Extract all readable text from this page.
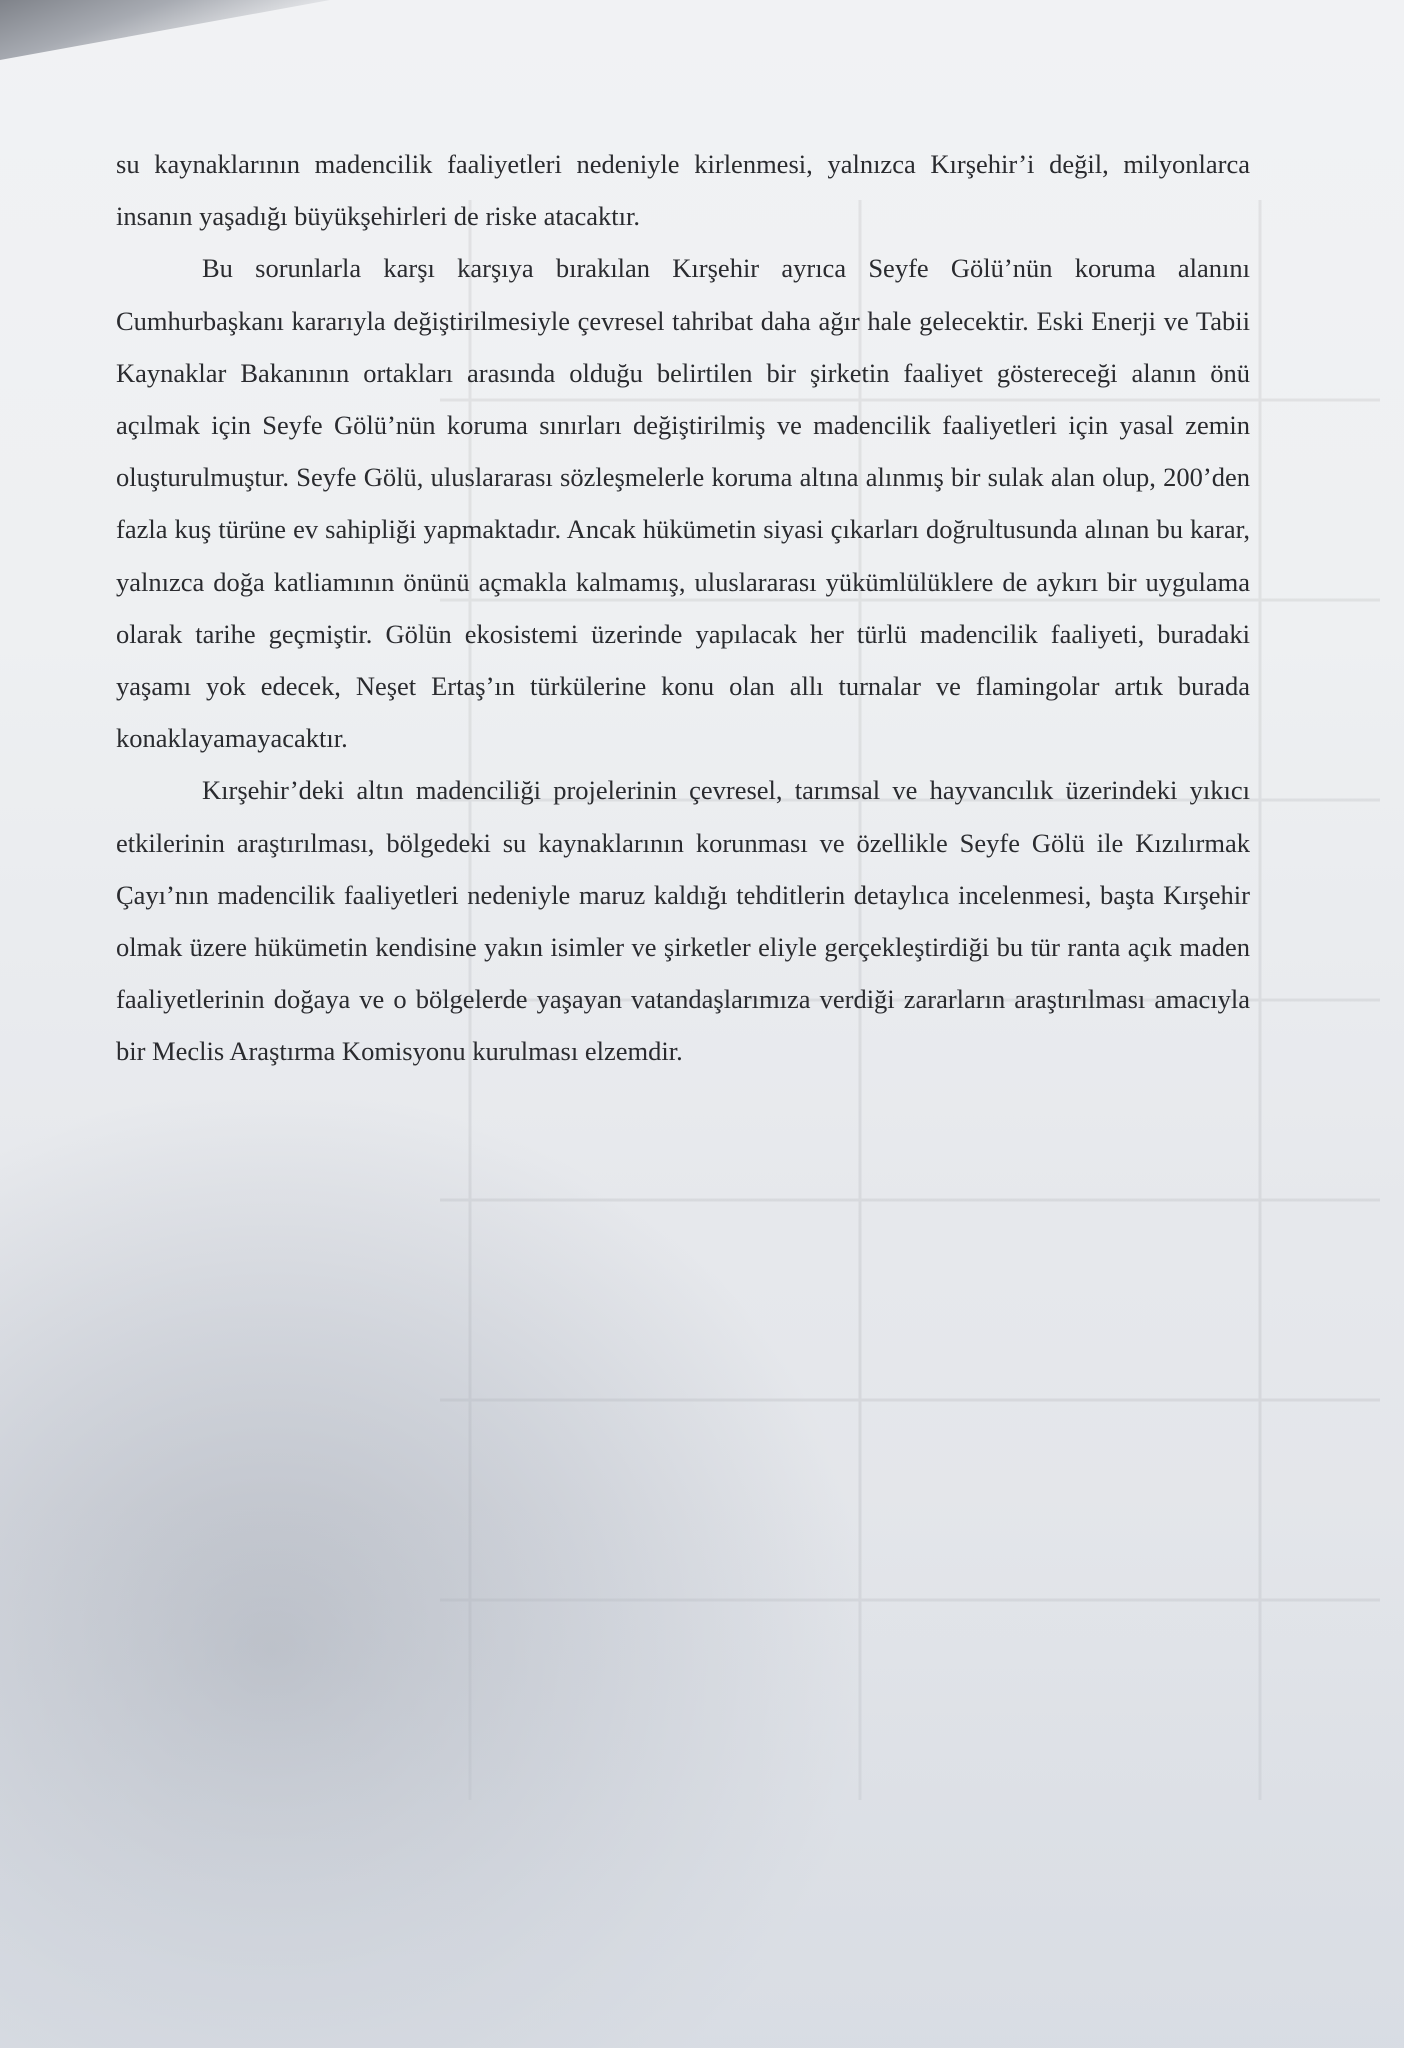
su kaynaklarının madencilik faaliyetleri nedeniyle kirlenmesi, yalnızca Kırşehir’i değil, milyonlarca insanın yaşadığı büyükşehirleri de riske atacaktır.

Bu sorunlarla karşı karşıya bırakılan Kırşehir ayrıca Seyfe Gölü’nün koruma alanını Cumhurbaşkanı kararıyla değiştirilmesiyle çevresel tahribat daha ağır hale gelecektir. Eski Enerji ve Tabii Kaynaklar Bakanının ortakları arasında olduğu belirtilen bir şirketin faaliyet göstereceği alanın önü açılmak için Seyfe Gölü’nün koruma sınırları değiştirilmiş ve madencilik faaliyetleri için yasal zemin oluşturulmuştur. Seyfe Gölü, uluslararası sözleşmelerle koruma altına alınmış bir sulak alan olup, 200’den fazla kuş türüne ev sahipliği yapmaktadır. Ancak hükümetin siyasi çıkarları doğrultusunda alınan bu karar, yalnızca doğa katliamının önünü açmakla kalmamış, uluslararası yükümlülüklere de aykırı bir uygulama olarak tarihe geçmiştir. Gölün ekosistemi üzerinde yapılacak her türlü madencilik faaliyeti, buradaki yaşamı yok edecek, Neşet Ertaş’ın türkülerine konu olan allı turnalar ve flamingolar artık burada konaklayamayacaktır.

Kırşehir’deki altın madenciliği projelerinin çevresel, tarımsal ve hayvancılık üzerindeki yıkıcı etkilerinin araştırılması, bölgedeki su kaynaklarının korunması ve özellikle Seyfe Gölü ile Kızılırmak Çayı’nın madencilik faaliyetleri nedeniyle maruz kaldığı tehditlerin detaylıca incelenmesi, başta Kırşehir olmak üzere hükümetin kendisine yakın isimler ve şirketler eliyle gerçekleştirdiği bu tür ranta açık maden faaliyetlerinin doğaya ve o bölgelerde yaşayan vatandaşlarımıza verdiği zararların araştırılması amacıyla bir Meclis Araştırma Komisyonu kurulması elzemdir.
